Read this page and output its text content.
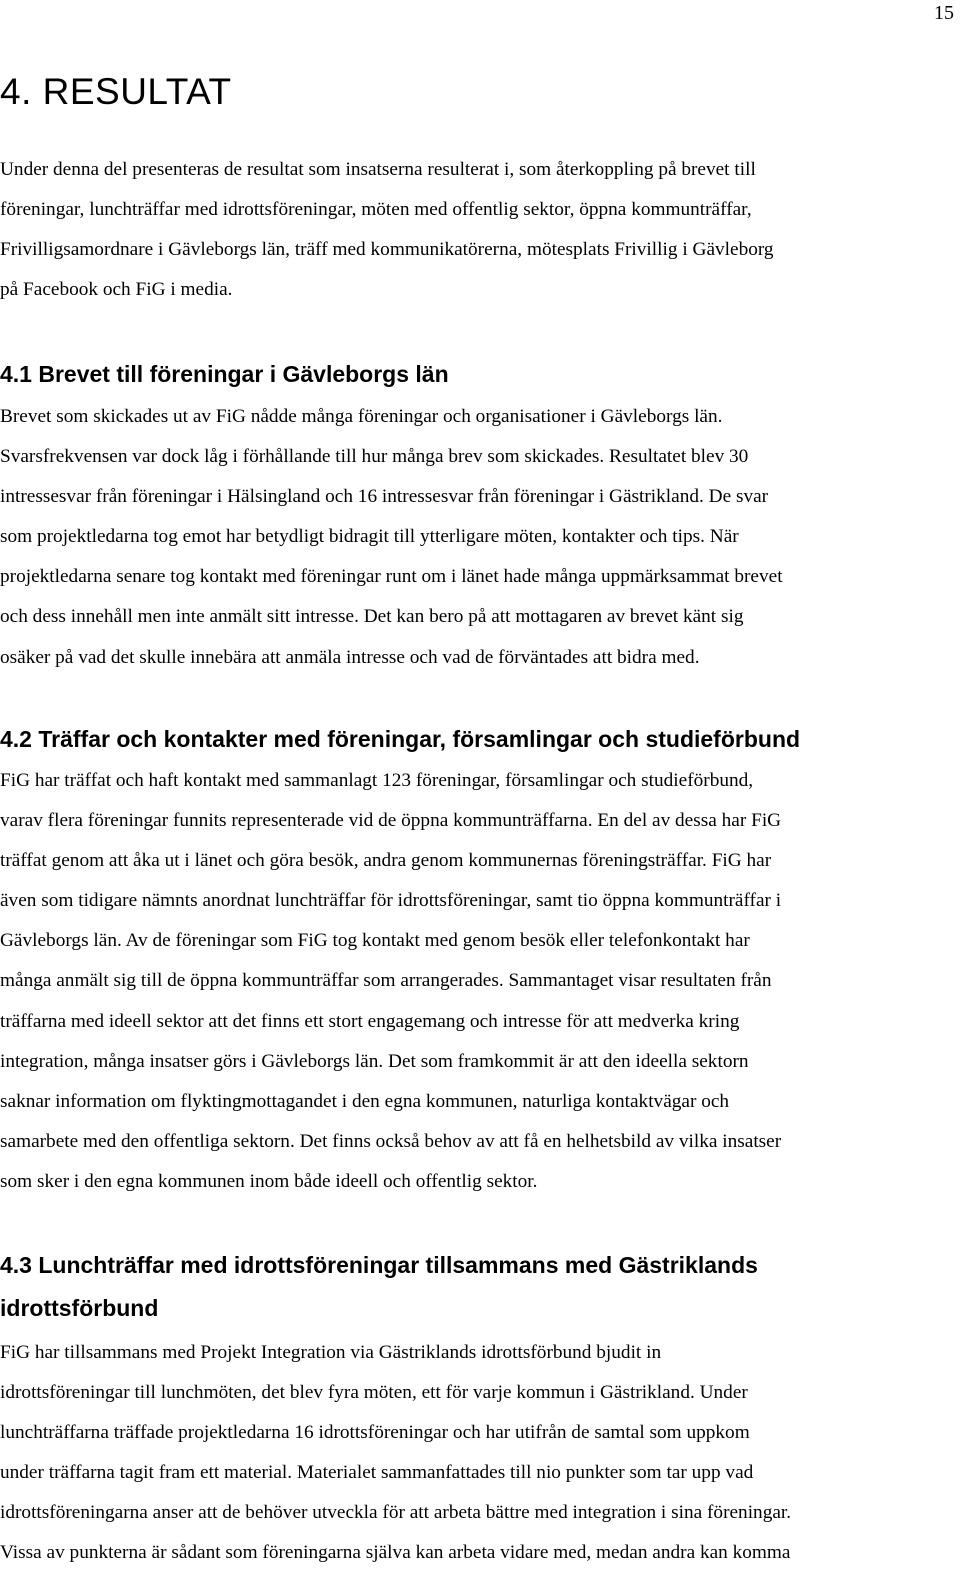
15
4. RESULTAT
Under denna del presenteras de resultat som insatserna resulterat i, som återkoppling på brevet till
föreningar, lunchträffar med idrottsföreningar, möten med offentlig sektor, öppna kommunträffar,
Frivilligsamordnare i Gävleborgs län, träff med kommunikatörerna, mötesplats Frivillig i Gävleborg
på Facebook och FiG i media.
4.1 Brevet till föreningar i Gävleborgs län
Brevet som skickades ut av FiG nådde många föreningar och organisationer i Gävleborgs län.
Svarsfrekvensen var dock låg i förhållande till hur många brev som skickades. Resultatet blev 30
intressesvar från föreningar i Hälsingland och 16 intressesvar från föreningar i Gästrikland. De svar
som projektledarna tog emot har betydligt bidragit till ytterligare möten, kontakter och tips. När
projektledarna senare tog kontakt med föreningar runt om i länet hade många uppmärksammat brevet
och dess innehåll men inte anmält sitt intresse. Det kan bero på att mottagaren av brevet känt sig
osäker på vad det skulle innebära att anmäla intresse och vad de förväntades att bidra med.
4.2 Träffar och kontakter med föreningar, församlingar och studieförbund
FiG har träffat och haft kontakt med sammanlagt 123 föreningar, församlingar och studieförbund,
varav flera föreningar funnits representerade vid de öppna kommunträffarna. En del av dessa har FiG
träffat genom att åka ut i länet och göra besök, andra genom kommunernas föreningsträffar. FiG har
även som tidigare nämnts anordnat lunchträffar för idrottsföreningar, samt tio öppna kommunträffar i
Gävleborgs län. Av de föreningar som FiG tog kontakt med genom besök eller telefonkontakt har
många anmält sig till de öppna kommunträffar som arrangerades. Sammantaget visar resultaten från
träffarna med ideell sektor att det finns ett stort engagemang och intresse för att medverka kring
integration, många insatser görs i Gävleborgs län. Det som framkommit är att den ideella sektorn
saknar information om flyktingmottagandet i den egna kommunen, naturliga kontaktvägar och
samarbete med den offentliga sektorn. Det finns också behov av att få en helhetsbild av vilka insatser
som sker i den egna kommunen inom både ideell och offentlig sektor.
4.3 Lunchträffar med idrottsföreningar tillsammans med Gästriklands
idrottsförbund
FiG har tillsammans med Projekt Integration via Gästriklands idrottsförbund bjudit in
idrottsföreningar till lunchmöten, det blev fyra möten, ett för varje kommun i Gästrikland. Under
lunchträffarna träffade projektledarna 16 idrottsföreningar och har utifrån de samtal som uppkom
under träffarna tagit fram ett material. Materialet sammanfattades till nio punkter som tar upp vad
idrottsföreningarna anser att de behöver utveckla för att arbeta bättre med integration i sina föreningar.
Vissa av punkterna är sådant som föreningarna själva kan arbeta vidare med, medan andra kan komma
